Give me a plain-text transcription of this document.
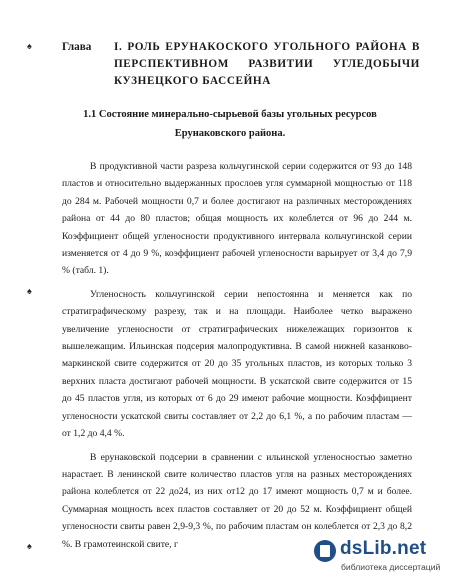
♠
♠
♠
Глава I. РОЛЬ ЕРУНАКОСКОГО УГОЛЬНОГО РАЙОНА В ПЕРСПЕКТИВНОМ РАЗВИТИИ УГЛЕДОБЫЧИ КУЗНЕЦКОГО БАССЕЙНА
1.1 Состояние минерально-сырьевой базы угольных ресурсов Ерунаковского района.

В продуктивной части разреза кольчугинской серии содержится от 93 до 148 пластов и относительно выдержанных прослоев угля суммарной мощностью от 118 до 284 м. Рабочей мощности 0,7 и более достигают на различных месторождениях района от 44 до 80 пластов; общая мощность их колеблется от 96 до 244 м. Коэффициент общей угленосности продуктивного интервала кольчугинской серии изменяется от 4 до 9 %, коэффициент рабочей угленосности варьирует от 3,4 до 7,9 % (табл. 1).

Угленосность кольчугинской серии непостоянна и меняется как по стратиграфическому разрезу, так и на площади. Наиболее четко выражено увеличение угленосности от стратиграфических нижележащих горизонтов к вышележащим. Ильинская подсерия малопродуктивна. В самой нижней казанково-маркинской свите содержится от 20 до 35 угольных пластов, из которых только 3 верхних пласта достигают рабочей мощности. В ускатской свите содержится от 15 до 45 пластов угля, из которых от 6 до 29 имеют рабочие мощности. Коэффициент угленосности ускатской свиты составляет от 2,2 до 6,1 %, а по рабочим пластам — от 1,2 до 4,4 %.

В ерунаковской подсерии в сравнении с ильинской угленосностью заметно нарастает. В ленинской свите количество пластов угля на разных месторождениях района колеблется от 22 до24, из них от12 до 17 имеют мощность 0,7 м и более. Суммарная мощность всех пластов составляет от 20 до 52 м. Коэффициент общей угленосности свиты равен 2,9-9,3 %, по рабочим пластам он колеблется от 2,3 до 8,2 %. В грамотеинской свите, г	dsLib.net
библиотека диссертаций
